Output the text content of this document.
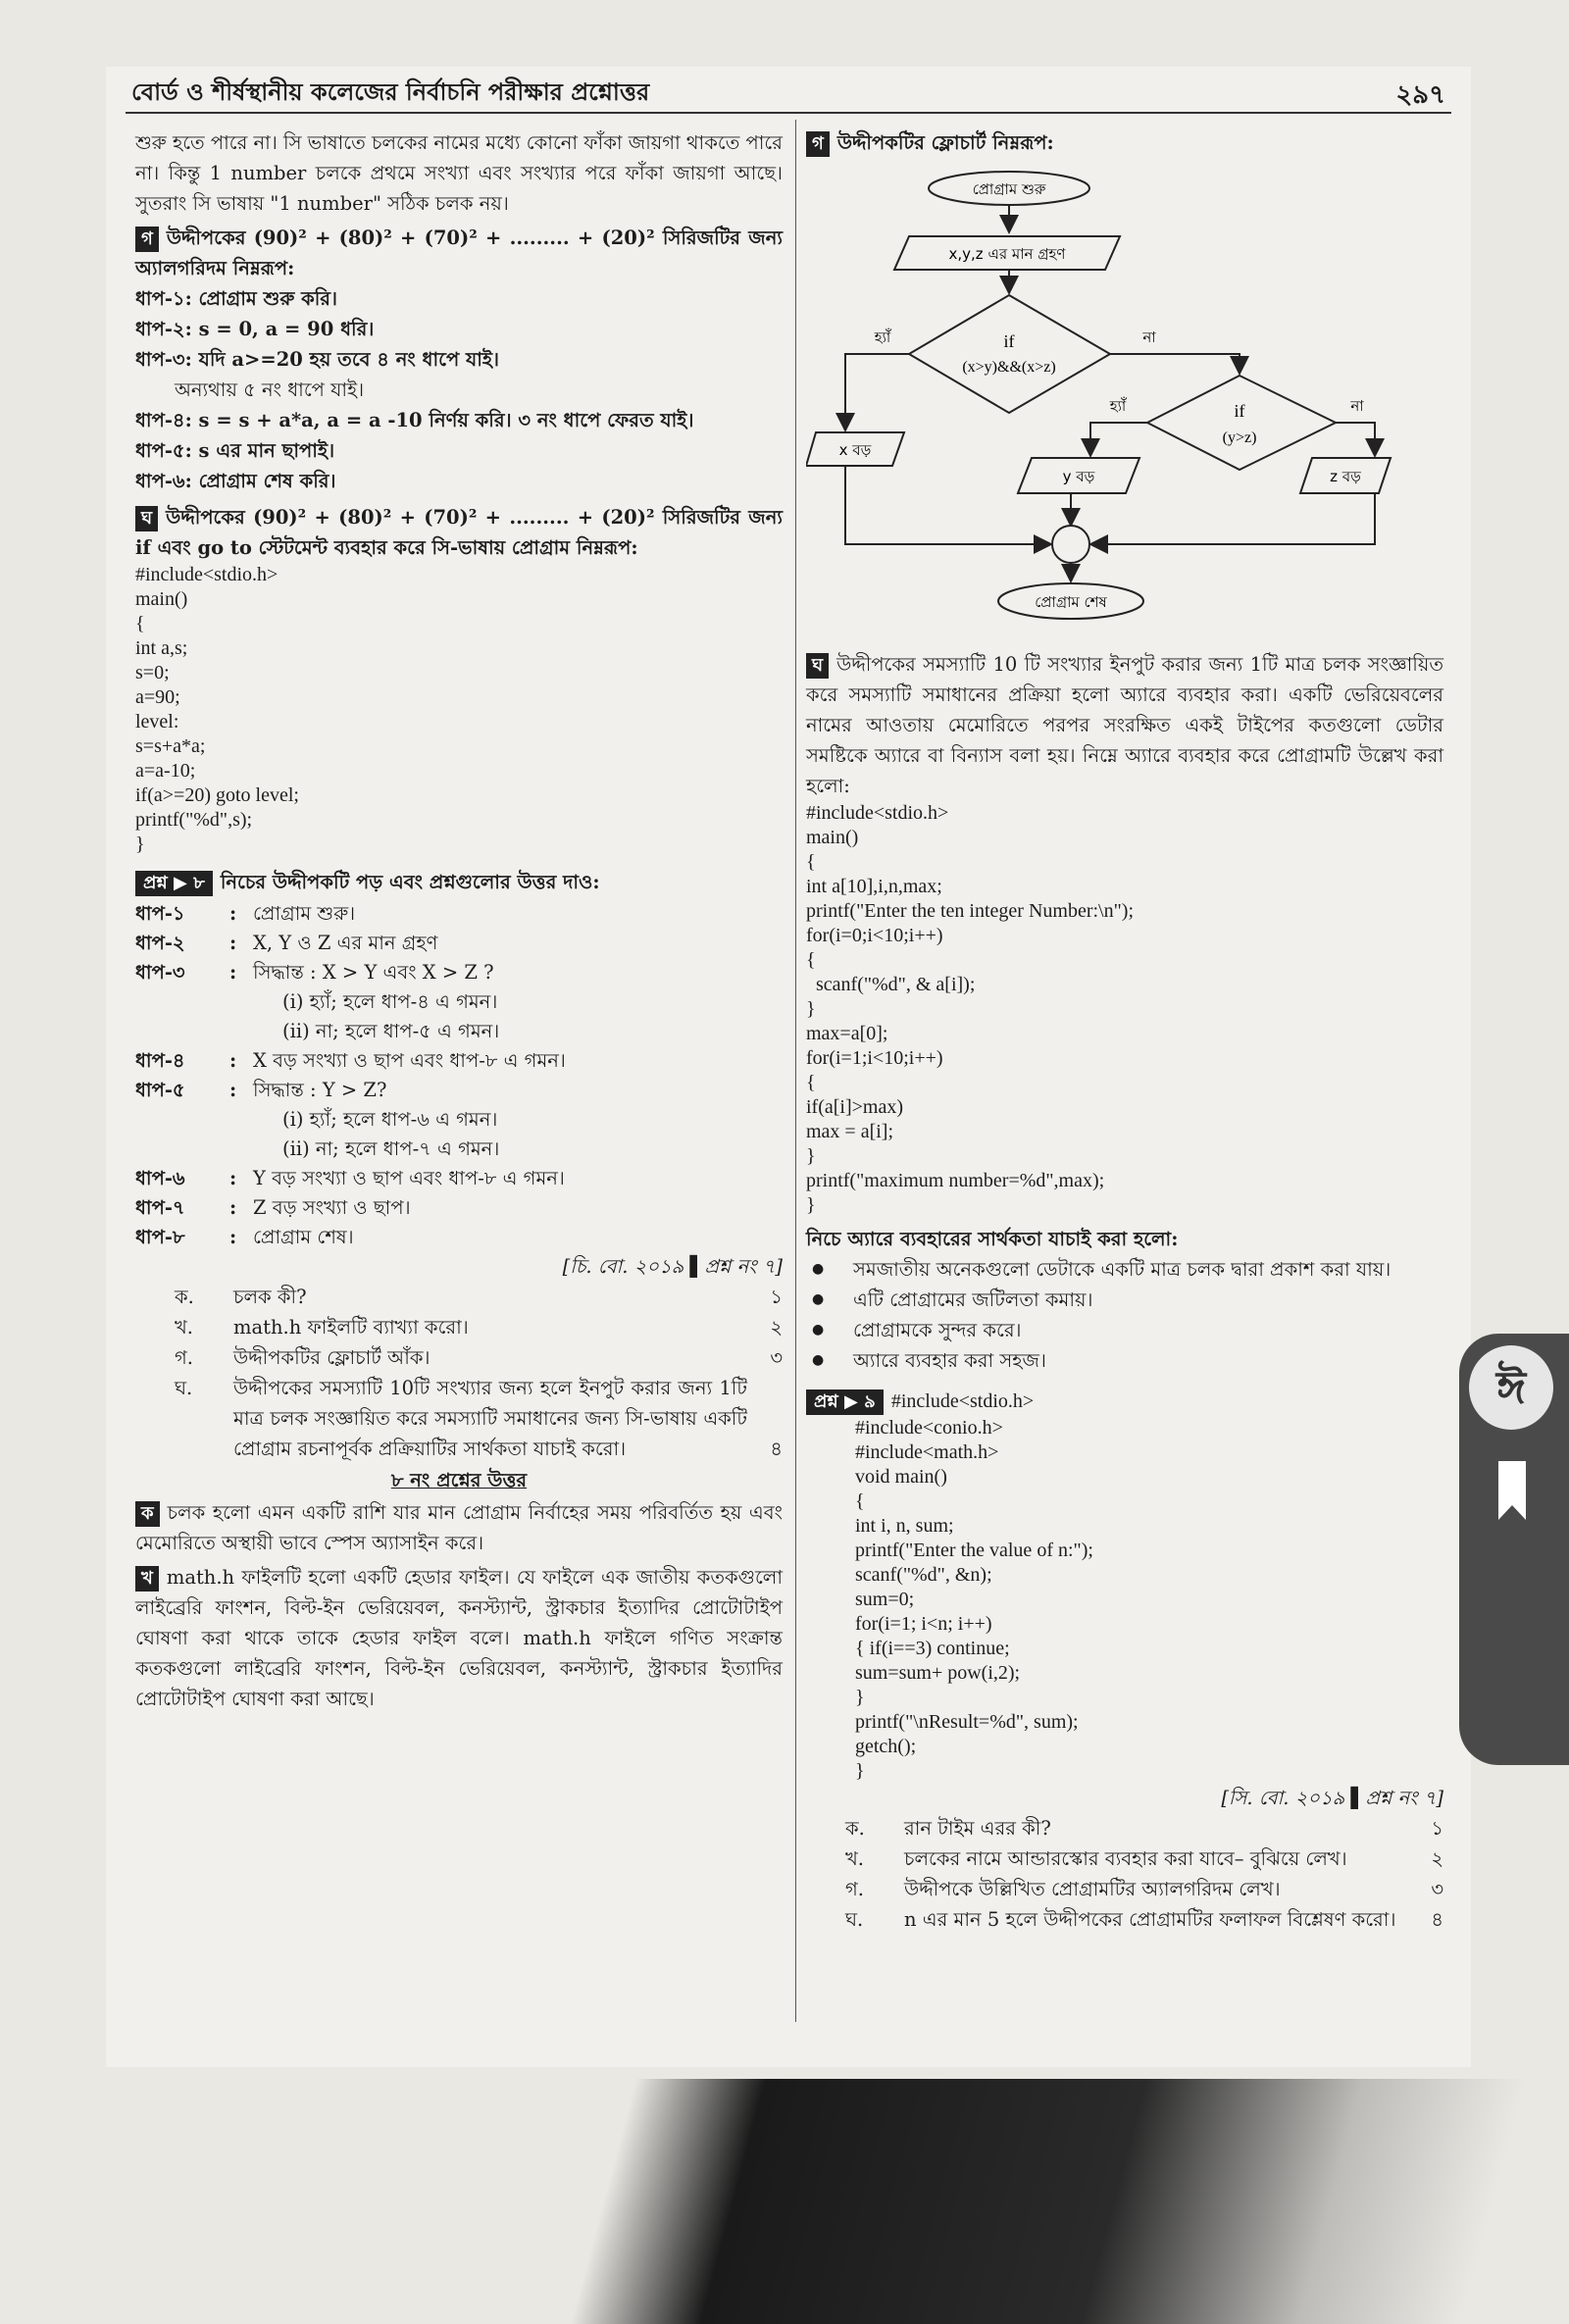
বোর্ড ও শীর্ষস্থানীয় কলেজের নির্বাচনি পরীক্ষার প্রশ্নোত্তর	২৯৭

শুরু হতে পারে না। সি ভাষাতে চলকের নামের মধ্যে কোনো ফাঁকা জায়গা থাকতে পারে না। কিন্তু 1 number চলকে প্রথমে সংখ্যা এবং সংখ্যার পরে ফাঁকা জায়গা আছে। সুতরাং সি ভাষায় "1 number" সঠিক চলক নয়।

গ উদ্দীপকের (90)² + (80)² + (70)² + ......... + (20)² সিরিজটির জন্য অ্যালগরিদম নিম্নরূপ:

ধাপ-১: প্রোগ্রাম শুরু করি।
ধাপ-২: s = 0, a = 90 ধরি।
ধাপ-৩: যদি a>=20 হয় তবে ৪ নং ধাপে যাই।
অন্যথায় ৫ নং ধাপে যাই।
ধাপ-৪: s = s + a*a, a = a -10 নির্ণয় করি। ৩ নং ধাপে ফেরত যাই।
ধাপ-৫: s এর মান ছাপাই।
ধাপ-৬: প্রোগ্রাম শেষ করি।

ঘ উদ্দীপকের (90)² + (80)² + (70)² + ......... + (20)² সিরিজটির জন্য if এবং go to স্টেটমেন্ট ব্যবহার করে সি-ভাষায় প্রোগ্রাম নিম্নরূপ:

#include<stdio.h>
main()
{
int a,s;
s=0;
a=90;
level:
s=s+a*a;
a=a-10;
if(a>=20) goto level;
printf("%d",s);
}

প্রশ্ন ▶ ৮ নিচের উদ্দীপকটি পড় এবং প্রশ্নগুলোর উত্তর দাও:

ধাপ-১	: প্রোগ্রাম শুরু।
ধাপ-২	: X, Y ও Z এর মান গ্রহণ
ধাপ-৩	: সিদ্ধান্ত : X > Y এবং X > Z ?
(i) হ্যাঁ; হলে ধাপ-৪ এ গমন।
(ii) না; হলে ধাপ-৫ এ গমন।
ধাপ-৪	: X বড় সংখ্যা ও ছাপ এবং ধাপ-৮ এ গমন।
ধাপ-৫	: সিদ্ধান্ত : Y > Z?
(i) হ্যাঁ; হলে ধাপ-৬ এ গমন।
(ii) না; হলে ধাপ-৭ এ গমন।
ধাপ-৬	: Y বড় সংখ্যা ও ছাপ এবং ধাপ-৮ এ গমন।
ধাপ-৭	: Z বড় সংখ্যা ও ছাপ।
ধাপ-৮	: প্রোগ্রাম শেষ।
[চি. বো. ২০১৯ ▌প্রশ্ন নং ৭]
ক.	চলক কী?	১
খ.	math.h ফাইলটি ব্যাখ্যা করো।	২
গ.	উদ্দীপকটির ফ্লোচার্ট আঁক।	৩
ঘ.	উদ্দীপকের সমস্যাটি 10টি সংখ্যার জন্য হলে ইনপুট করার জন্য 1টি মাত্র চলক সংজ্ঞায়িত করে সমস্যাটি সমাধানের জন্য সি-ভাষায় একটি প্রোগ্রাম রচনাপূর্বক প্রক্রিয়াটির সার্থকতা যাচাই করো।	৪
৮ নং প্রশ্নের উত্তর

ক চলক হলো এমন একটি রাশি যার মান প্রোগ্রাম নির্বাহের সময় পরিবর্তিত হয় এবং মেমোরিতে অস্থায়ী ভাবে স্পেস অ্যাসাইন করে।

খ math.h ফাইলটি হলো একটি হেডার ফাইল। যে ফাইলে এক জাতীয় কতকগুলো লাইব্রেরি ফাংশন, বিল্ট-ইন ভেরিয়েবল, কনস্ট্যান্ট, স্ট্রাকচার ইত্যাদির প্রোটোটাইপ ঘোষণা করা থাকে তাকে হেডার ফাইল বলে। math.h ফাইলে গণিত সংক্রান্ত কতকগুলো লাইব্রেরি ফাংশন, বিল্ট-ইন ভেরিয়েবল, কনস্ট্যান্ট, স্ট্রাকচার ইত্যাদির প্রোটোটাইপ ঘোষণা করা আছে।

গ উদ্দীপকটির ফ্লোচার্ট নিম্নরূপ:

প্রোগ্রাম শুরু
x,y,z এর মান গ্রহণ
if
(x>y)&&(x>z)
if
(y>z)
হ্যাঁ	না
হ্যাঁ	না
x বড়
y বড়	z বড়
প্রোগ্রাম শেষ

ঘ উদ্দীপকের সমস্যাটি 10 টি সংখ্যার ইনপুট করার জন্য 1টি মাত্র চলক সংজ্ঞায়িত করে সমস্যাটি সমাধানের প্রক্রিয়া হলো অ্যারে ব্যবহার করা। একটি ভেরিয়েবলের নামের আওতায় মেমোরিতে পরপর সংরক্ষিত একই টাইপের কতগুলো ডেটার সমষ্টিকে অ্যারে বা বিন্যাস বলা হয়। নিম্নে অ্যারে ব্যবহার করে প্রোগ্রামটি উল্লেখ করা হলো:

#include<stdio.h>
main()
{
int a[10],i,n,max;
printf("Enter the ten integer Number:\n");
for(i=0;i<10;i++)
{
scanf("%d", & a[i]);
}
max=a[0];
for(i=1;i<10;i++)
{
if(a[i]>max)
max = a[i];
}
printf("maximum number=%d",max);
}
নিচে অ্যারে ব্যবহারের সার্থকতা যাচাই করা হলো:
● সমজাতীয় অনেকগুলো ডেটাকে একটি মাত্র চলক দ্বারা প্রকাশ করা যায়।
● এটি প্রোগ্রামের জটিলতা কমায়।
● প্রোগ্রামকে সুন্দর করে।
● অ্যারে ব্যবহার করা সহজ।
প্রশ্ন ▶ ৯ #include<stdio.h>
#include<conio.h>
#include<math.h>
void main()
{
int i, n, sum;
printf("Enter the value of n:");
scanf("%d", &n);
sum=0;
for(i=1; i<n; i++)
{ if(i==3) continue;
sum=sum+ pow(i,2);
}
printf("\nResult=%d", sum);
getch();
}
[সি. বো. ২০১৯ ▌প্রশ্ন নং ৭]
ক.	রান টাইম এরর কী?	১
খ.	চলকের নামে আন্ডারস্কোর ব্যবহার করা যাবে– বুঝিয়ে লেখ।	২
গ.	উদ্দীপকে উল্লিখিত প্রোগ্রামটির অ্যালগরিদম লেখ।	৩
ঘ.	n এর মান 5 হলে উদ্দীপকের প্রোগ্রামটির ফলাফল বিশ্লেষণ করো।	৪
ঈ
